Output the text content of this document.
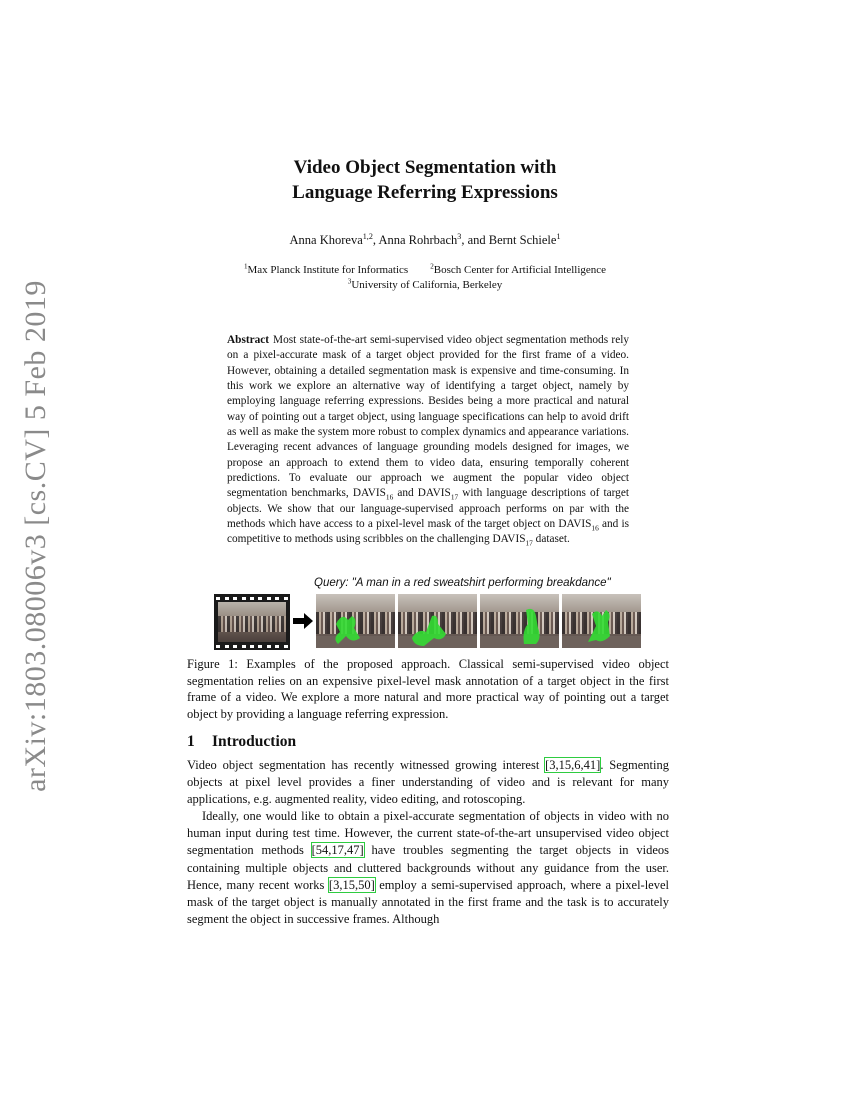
arXiv:1803.08006v3 [cs.CV] 5 Feb 2019
Video Object Segmentation with
Language Referring Expressions
Anna Khoreva$^{1,2}$, Anna Rohrbach$^3$, and Bernt Schiele$^1$
$^1$Max Planck Institute for Informatics	$^2$Bosch Center for Artificial Intelligence
$^3$University of California, Berkeley
Abstract Most state-of-the-art semi-supervised video object segmentation methods rely on a pixel-accurate mask of a target object provided for the first frame of a video. However, obtaining a detailed segmentation mask is expensive and time-consuming. In this work we explore an alternative way of identifying a target object, namely by employing language referring expressions. Besides being a more practical and natural way of pointing out a target object, using language specifications can help to avoid drift as well as make the system more robust to complex dynamics and appearance variations. Leveraging recent advances of language grounding models designed for images, we propose an approach to extend them to video data, ensuring temporally coherent predictions. To evaluate our approach we augment the popular video object segmentation benchmarks, $DAVIS_{16}$ and $DAVIS_{17}$ with language descriptions of target objects. We show that our language-supervised approach performs on par with the methods which have access to a pixel-level mask of the target object on $DAVIS_{16}$ and is competitive to methods using scribbles on the challenging $DAVIS_{17}$ dataset.
Query: "A man in a red sweatshirt performing breakdance"
Figure 1: Examples of the proposed approach. Classical semi-supervised video object segmentation relies on an expensive pixel-level mask annotation of a target object in the first frame of a video. We explore a more natural and more practical way of pointing out a target object by providing a language referring expression.
1 Introduction

Video object segmentation has recently witnessed growing interest [3,15,6,41]. Segmenting objects at pixel level provides a finer understanding of video and is relevant for many applications, e.g. augmented reality, video editing, and rotoscoping.

Ideally, one would like to obtain a pixel-accurate segmentation of objects in video with no human input during test time. However, the current state-of-the-art unsupervised video object segmentation methods [54,17,47] have troubles segmenting the target objects in videos containing multiple objects and cluttered backgrounds without any guidance from the user. Hence, many recent works [3,15,50] employ a semi-supervised approach, where a pixel-level mask of the target object is manually annotated in the first frame and the task is to accurately segment the object in successive frames. Although
